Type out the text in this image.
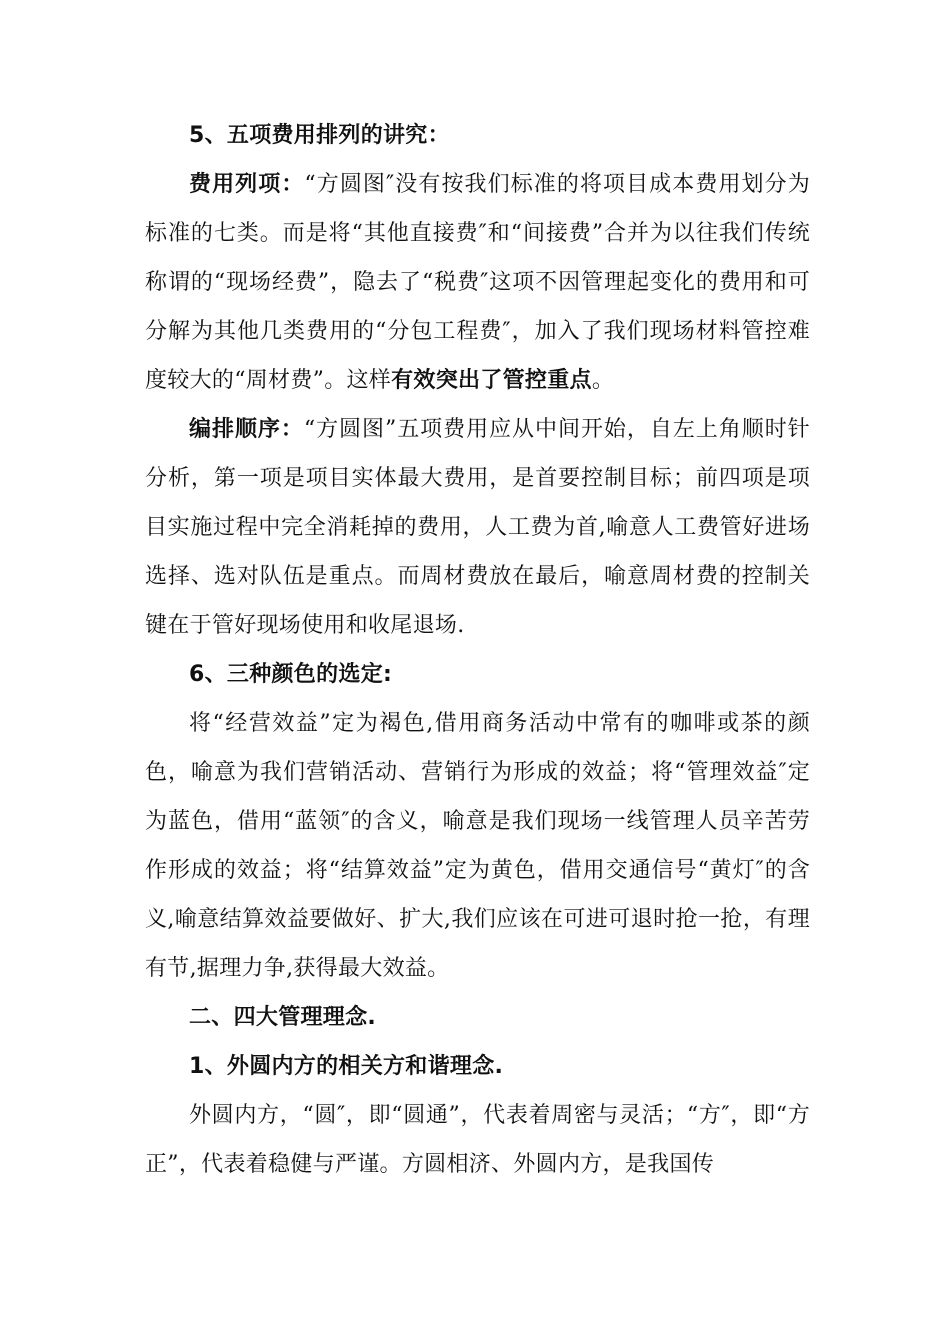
5、五项费用排列的讲究：

费用列项：“方圆图″没有按我们标准的将项目成本费用划分为标准的七类。而是将“其他直接费″和“间接费”合并为以往我们传统称谓的“现场经费”，隐去了“税费″这项不因管理起变化的费用和可分解为其他几类费用的“分包工程费″，加入了我们现场材料管控难度较大的“周材费”。这样有效突出了管控重点。

编排顺序：“方圆图”五项费用应从中间开始，自左上角顺时针分析，第一项是项目实体最大费用，是首要控制目标；前四项是项目实施过程中完全消耗掉的费用，人工费为首,喻意人工费管好进场选择、选对队伍是重点。而周材费放在最后，喻意周材费的控制关键在于管好现场使用和收尾退场.

6、三种颜色的选定:

将“经营效益”定为褐色,借用商务活动中常有的咖啡或茶的颜色，喻意为我们营销活动、营销行为形成的效益；将“管理效益″定为蓝色，借用“蓝领″的含义，喻意是我们现场一线管理人员辛苦劳作形成的效益；将“结算效益”定为黄色，借用交通信号“黄灯″的含义,喻意结算效益要做好、扩大,我们应该在可进可退时抢一抢，有理有节,据理力争,获得最大效益。

二、四大管理理念.

1、外圆内方的相关方和谐理念.

外圆内方，“圆″，即“圆通”，代表着周密与灵活；“方″，即“方正”，代表着稳健与严谨。方圆相济、外圆内方，是我国传
